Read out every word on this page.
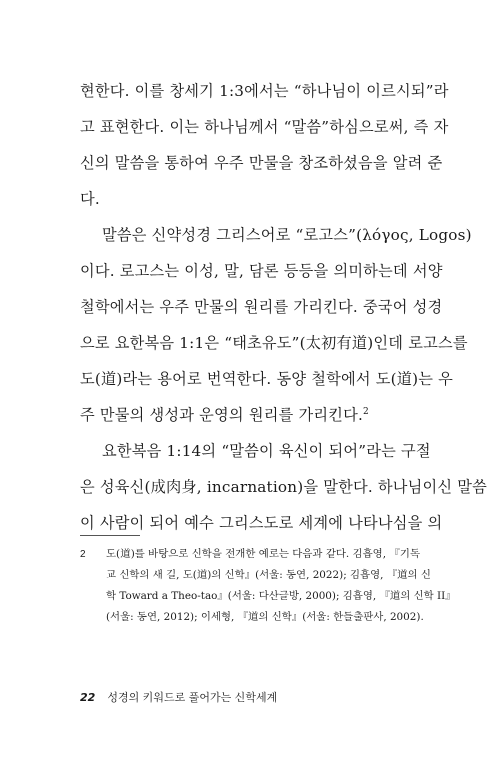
현한다. 이를 창세기 1:3에서는 “하나님이 이르시되”라
고 표현한다. 이는 하나님께서 “말씀”하심으로써, 즉 자
신의 말씀을 통하여 우주 만물을 창조하셨음을 알려 준
다.
말씀은 신약성경 그리스어로 “로고스”(λόγος, Logos)
이다. 로고스는 이성, 말, 담론 등등을 의미하는데 서양
철학에서는 우주 만물의 원리를 가리킨다. 중국어 성경
으로 요한복음 1:1은 “태초유도”(太初有道)인데 로고스를
도(道)라는 용어로 번역한다. 동양 철학에서 도(道)는 우
주 만물의 생성과 운영의 원리를 가리킨다.$^2$
요한복음 1:14의 “말씀이 육신이 되어”라는 구절
은 성육신(成肉身, incarnation)을 말한다. 하나님이신 말씀
이 사람이 되어 예수 그리스도로 세계에 나타나심을 의
2 도(道)를 바탕으로 신학을 전개한 예로는 다음과 같다. 김흡영, 『기독
교 신학의 새 길, 도(道)의 신학』(서울: 동연, 2022); 김흡영, 『道의 신
학 Toward a Theo-tao』(서울: 다산글방, 2000); 김흡영, 『道의 신학 II』
(서울: 동연, 2012); 이세형, 『道의 신학』(서울: 한들출판사, 2002).
22 성경의 키워드로 풀어가는 신학세계
